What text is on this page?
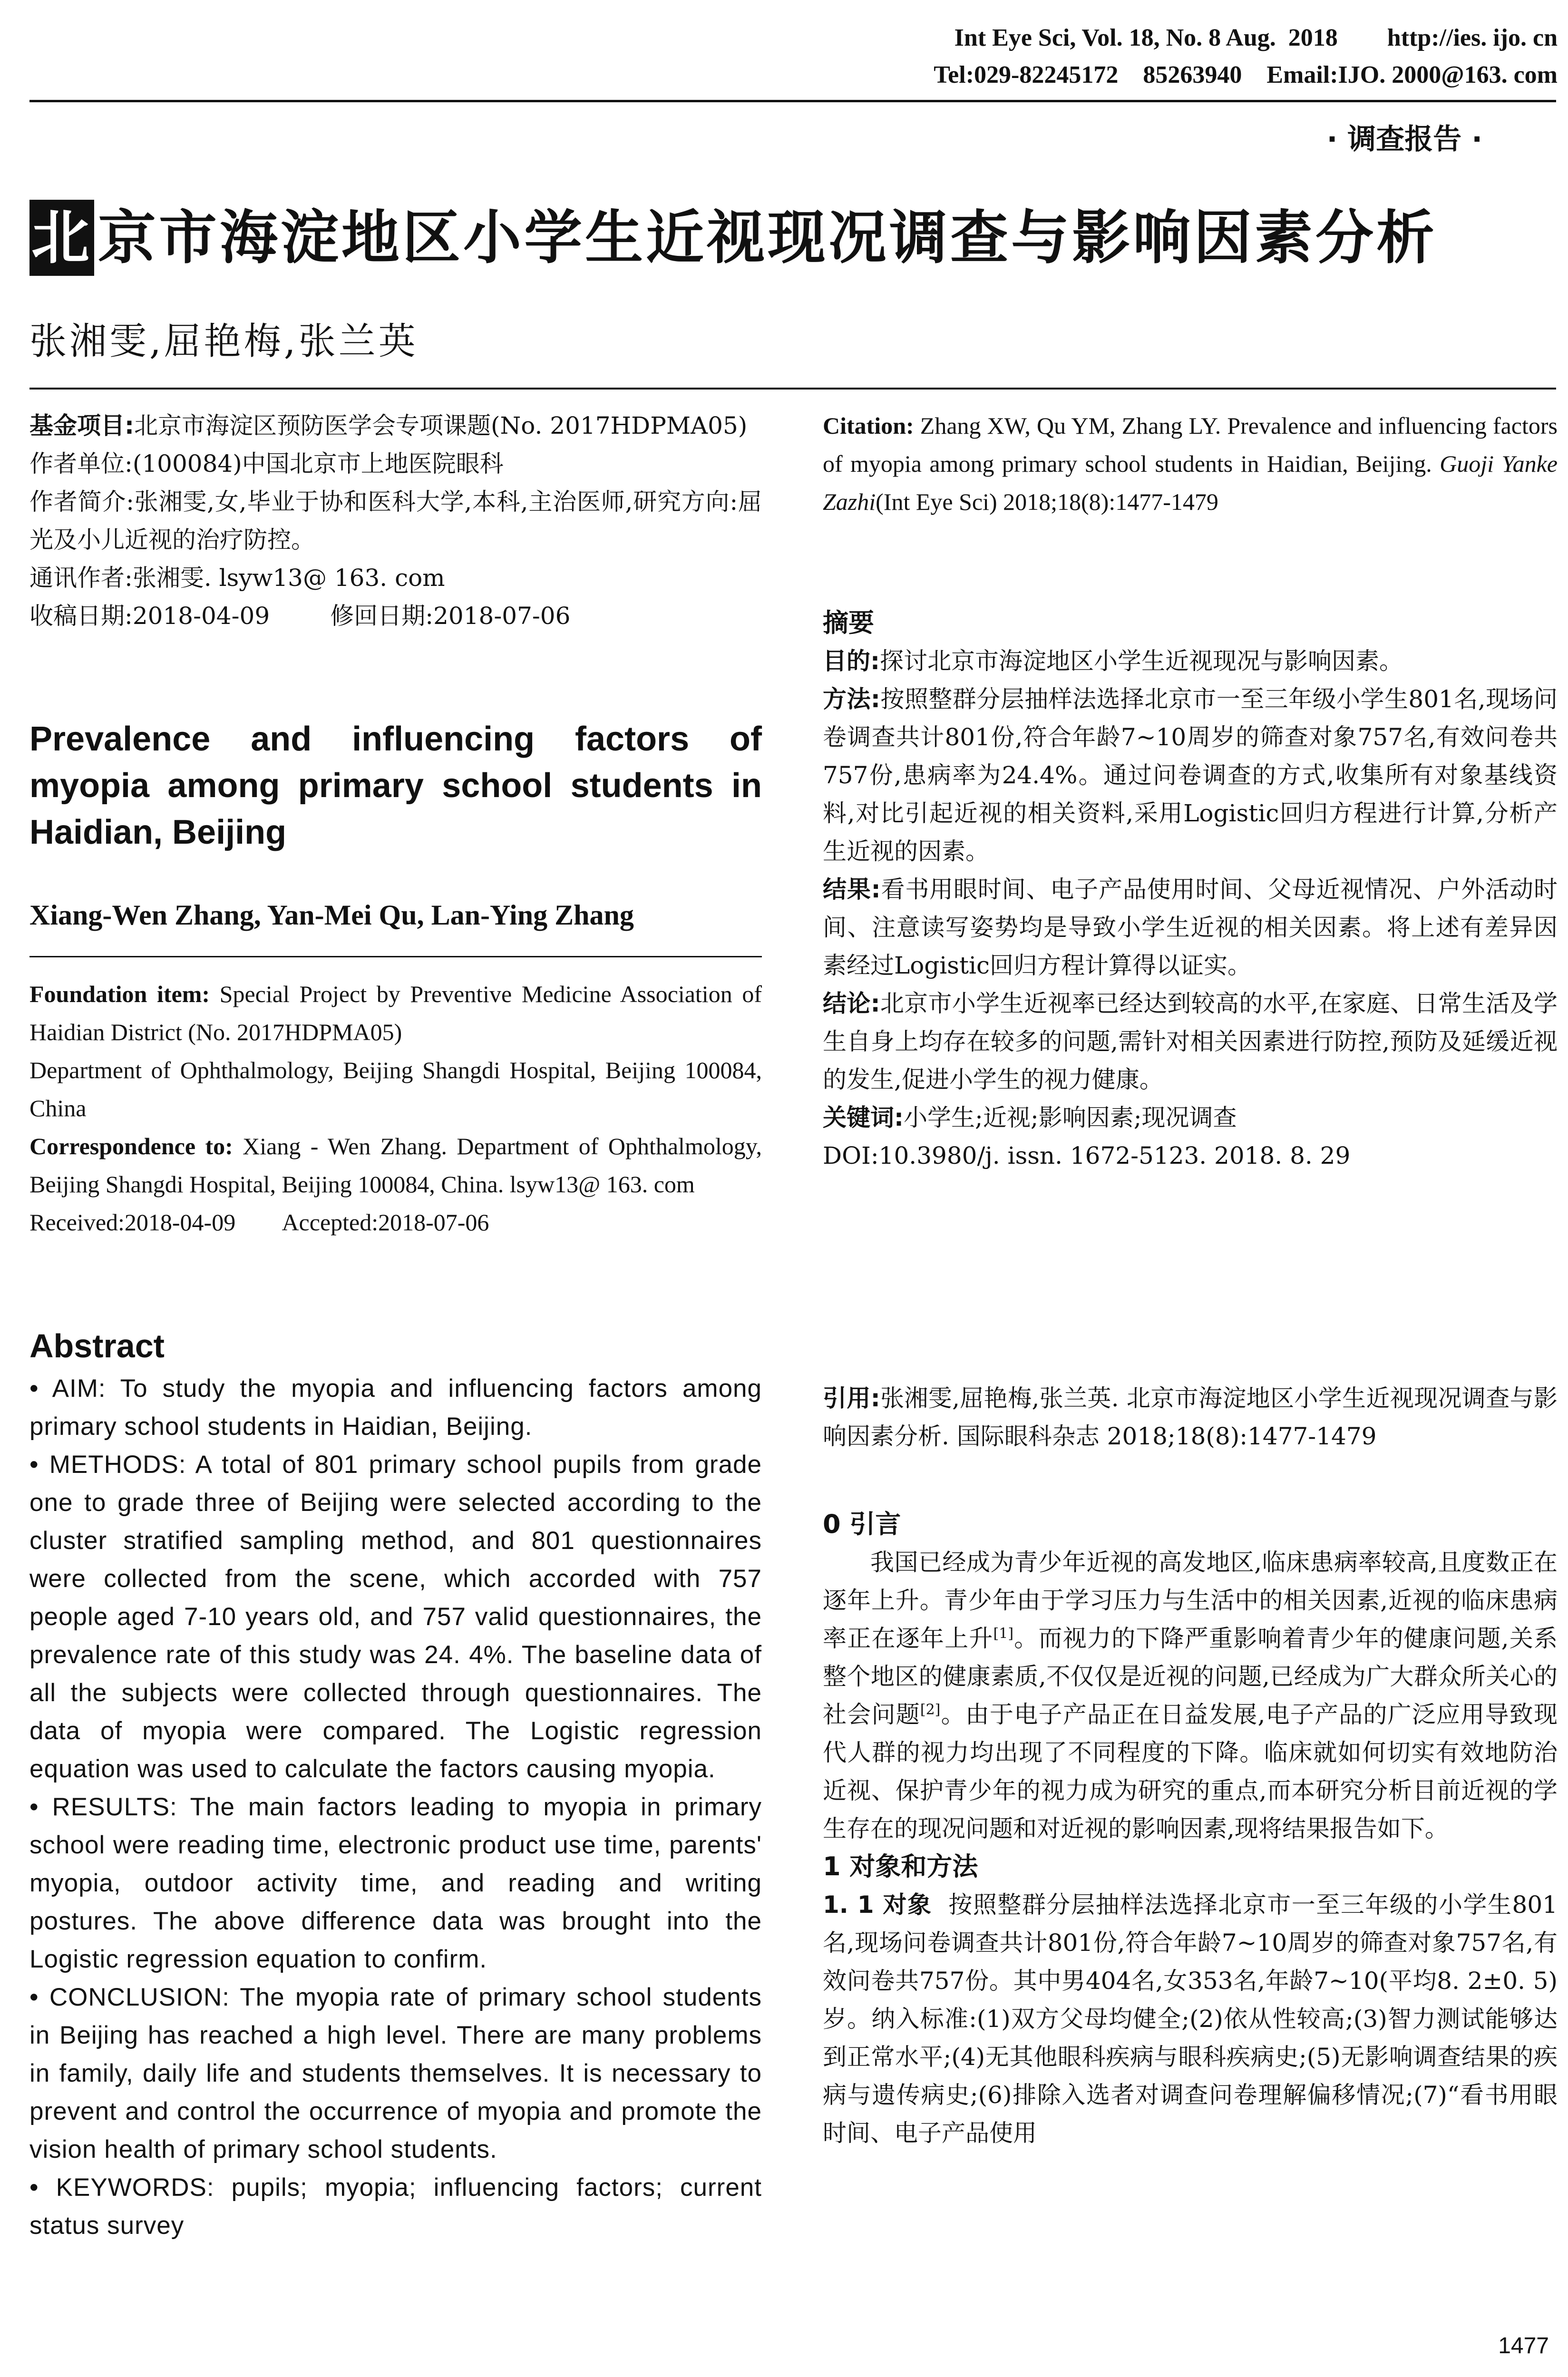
Int Eye Sci, Vol. 18, No. 8 Aug.  2018        http://ies. ijo. cn
Tel:029-82245172    85263940    Email:IJO. 2000@163. com
· 调查报告 ·
北京市海淀地区小学生近视现况调查与影响因素分析
张湘雯,屈艳梅,张兰英

基金项目:北京市海淀区预防医学会专项课题(No. 2017HDPMA05)

作者单位:(100084)中国北京市上地医院眼科

作者简介:张湘雯,女,毕业于协和医科大学,本科,主治医师,研究方向:屈光及小儿近视的治疗防控。

通讯作者:张湘雯. lsyw13@ 163. com

收稿日期:2018-04-09        修回日期:2018-07-06

Prevalence and influencing factors of myopia among primary school students in Haidian, Beijing
Xiang-Wen Zhang, Yan-Mei Qu, Lan-Ying Zhang

Foundation item: Special Project by Preventive Medicine Association of Haidian District (No. 2017HDPMA05)

Department of Ophthalmology, Beijing Shangdi Hospital, Beijing 100084, China

Correspondence to: Xiang - Wen Zhang. Department of Ophthalmology, Beijing Shangdi Hospital, Beijing 100084, China. lsyw13@ 163. com

Received:2018-04-09        Accepted:2018-07-06

Abstract

• AIM: To study the myopia and influencing factors among primary school students in Haidian, Beijing.

• METHODS: A total of 801 primary school pupils from grade one to grade three of Beijing were selected according to the cluster stratified sampling method, and 801 questionnaires were collected from the scene, which accorded with 757 people aged 7-10 years old, and 757 valid questionnaires, the prevalence rate of this study was 24. 4%. The baseline data of all the subjects were collected through questionnaires. The data of myopia were compared. The Logistic regression equation was used to calculate the factors causing myopia.

• RESULTS: The main factors leading to myopia in primary school were reading time, electronic product use time, parents' myopia, outdoor activity time, and reading and writing postures. The above difference data was brought into the Logistic regression equation to confirm.

• CONCLUSION: The myopia rate of primary school students in Beijing has reached a high level. There are many problems in family, daily life and students themselves. It is necessary to prevent and control the occurrence of myopia and promote the vision health of primary school students.

• KEYWORDS: pupils; myopia; influencing factors; current status survey

Citation: Zhang XW, Qu YM, Zhang LY. Prevalence and influencing factors of myopia among primary school students in Haidian, Beijing. Guoji Yanke Zazhi(Int Eye Sci) 2018;18(8):1477-1479

摘要

目的:探讨北京市海淀地区小学生近视现况与影响因素。

方法:按照整群分层抽样法选择北京市一至三年级小学生801名,现场问卷调查共计801份,符合年龄7~10周岁的筛查对象757名,有效问卷共757份,患病率为24.4%。通过问卷调查的方式,收集所有对象基线资料,对比引起近视的相关资料,采用Logistic回归方程进行计算,分析产生近视的因素。

结果:看书用眼时间、电子产品使用时间、父母近视情况、户外活动时间、注意读写姿势均是导致小学生近视的相关因素。将上述有差异因素经过Logistic回归方程计算得以证实。

结论:北京市小学生近视率已经达到较高的水平,在家庭、日常生活及学生自身上均存在较多的问题,需针对相关因素进行防控,预防及延缓近视的发生,促进小学生的视力健康。

关键词:小学生;近视;影响因素;现况调查

DOI:10.3980/j. issn. 1672-5123. 2018. 8. 29

引用:张湘雯,屈艳梅,张兰英. 北京市海淀地区小学生近视现况调查与影响因素分析. 国际眼科杂志 2018;18(8):1477-1479

0 引言

我国已经成为青少年近视的高发地区,临床患病率较高,且度数正在逐年上升。青少年由于学习压力与生活中的相关因素,近视的临床患病率正在逐年上升[1]。而视力的下降严重影响着青少年的健康问题,关系整个地区的健康素质,不仅仅是近视的问题,已经成为广大群众所关心的社会问题[2]。由于电子产品正在日益发展,电子产品的广泛应用导致现代人群的视力均出现了不同程度的下降。临床就如何切实有效地防治近视、保护青少年的视力成为研究的重点,而本研究分析目前近视的学生存在的现况问题和对近视的影响因素,现将结果报告如下。

1 对象和方法

1. 1 对象  按照整群分层抽样法选择北京市一至三年级的小学生801名,现场问卷调查共计801份,符合年龄7~10周岁的筛查对象757名,有效问卷共757份。其中男404名,女353名,年龄7~10(平均8. 2±0. 5)岁。纳入标准:(1)双方父母均健全;(2)依从性较高;(3)智力测试能够达到正常水平;(4)无其他眼科疾病与眼科疾病史;(5)无影响调查结果的疾病与遗传病史;(6)排除入选者对调查问卷理解偏移情况;(7)“看书用眼时间、电子产品使用

1477
